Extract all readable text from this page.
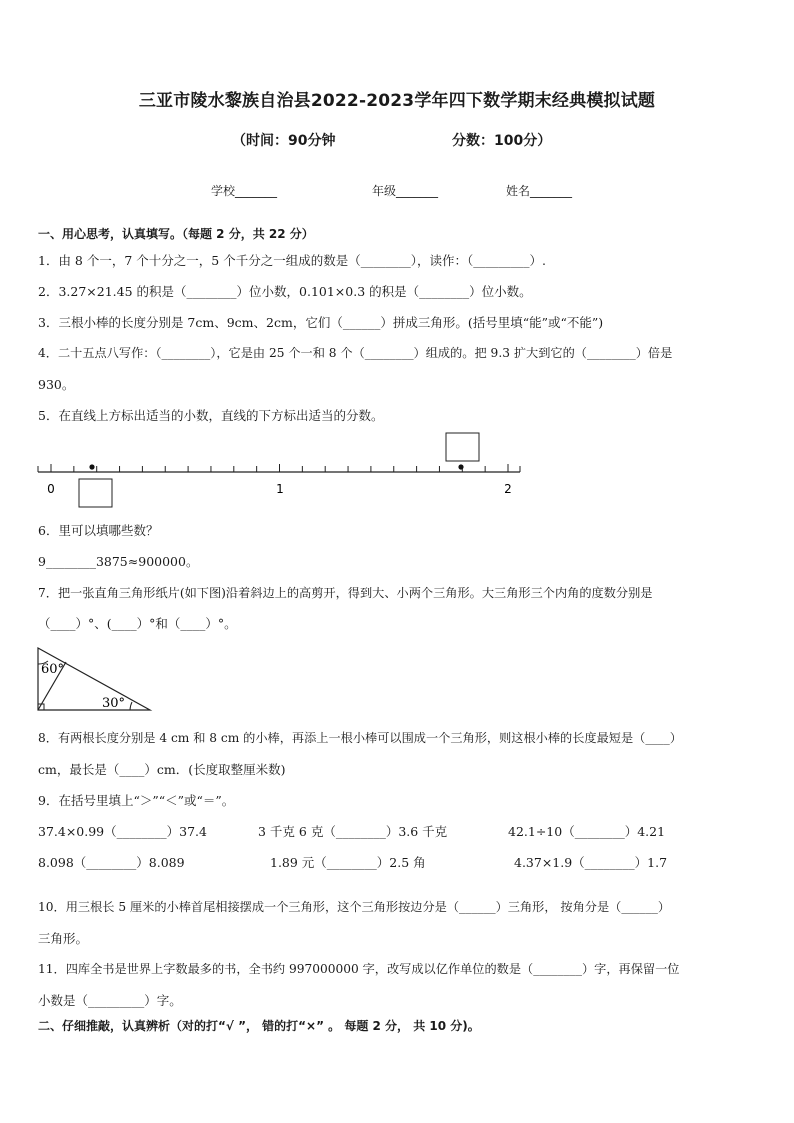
三亚市陵水黎族自治县2022-2023学年四下数学期末经典模拟试题
（时间：90分钟	分数：100分）
学校_______	年级_______	姓名_______
一、用心思考，认真填写。（每题 2 分，共 22 分）
1．由 8 个一，7 个十分之一，5 个千分之一组成的数是（________），读作：（_________）.
2．3.27×21.45 的积是（________）位小数，0.101×0.3 的积是（________）位小数。
3．三根小棒的长度分别是 7cm、9cm、2cm，它们（______）拼成三角形。(括号里填“能”或“不能”)
4．二十五点八写作：（________），它是由 25 个一和 8 个（________）组成的。把 9.3 扩大到它的（________）倍是
930。
5．在直线上方标出适当的小数，直线的下方标出适当的分数。
0	1	2
6．里可以填哪些数？
9________3875≈900000。
7．把一张直角三角形纸片(如下图)沿着斜边上的高剪开，得到大、小两个三角形。大三角形三个内角的度数分别是
（____）°、(____）°和（____）°。
60°
30°
8．有两根长度分别是 4 cm 和 8 cm 的小棒，再添上一根小棒可以围成一个三角形，则这根小棒的长度最短是（____）
cm，最长是（____）cm．(长度取整厘米数)
9．在括号里填上“＞”“＜”或“＝”。
37.4×0.99（________）37.4	3 千克 6 克（________）3.6 千克	42.1÷10（________）4.21
8.098（________）8.089	1.89 元（________）2.5 角	4.37×1.9（________）1.7
10．用三根长 5 厘米的小棒首尾相接摆成一个三角形，这个三角形按边分是（______）三角形， 按角分是（______）
三角形。
11．四库全书是世界上字数最多的书，全书约 997000000 字，改写成以亿作单位的数是（________）字，再保留一位
小数是（_________）字。
二、仔细推敲，认真辨析（对的打“√ ”， 错的打“×” 。 每题 2 分， 共 10 分)。
